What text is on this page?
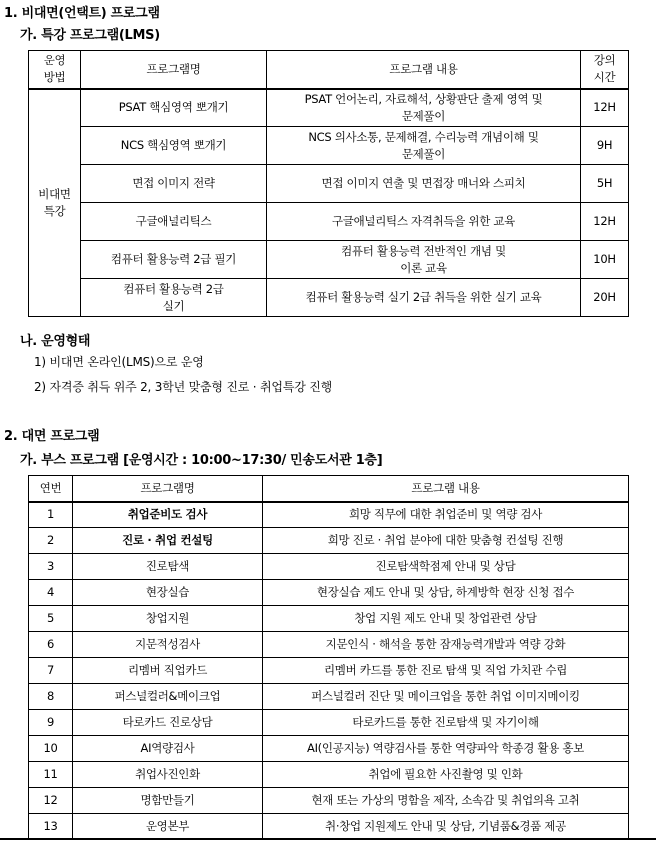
1. 비대면(언택트) 프로그램
가. 특강 프로그램(LMS)
운영
방법	프로그램명	프로그램 내용	강의
시간
비대면
특강	PSAT 핵심영역 뽀개기	PSAT 언어논리, 자료해석, 상황판단 출제 영역 및
문제풀이	12H
	NCS 핵심영역 뽀개기	NCS 의사소통, 문제해결, 수리능력 개념이해 및
문제풀이	9H
	면접 이미지 전략	면접 이미지 연출 및 면접장 매너와 스피치	5H
	구글애널리틱스	구글애널리틱스 자격취득을 위한 교육	12H
	컴퓨터 활용능력 2급 필기	컴퓨터 활용능력 전반적인 개념 및
이론 교육	10H
	컴퓨터 활용능력 2급
실기	컴퓨터 활용능력 실기 2급 취득을 위한 실기 교육	20H
나. 운영형태
1) 비대면 온라인(LMS)으로 운영
2) 자격증 취득 위주 2, 3학년 맞춤형 진로 · 취업특강 진행
2. 대면 프로그램
가. 부스 프로그램 [운영시간 : 10:00~17:30/ 민송도서관 1층]
연번	프로그램명	프로그램 내용
1	취업준비도 검사	희망 직무에 대한 취업준비 및 역량 검사
2	진로 · 취업 컨설팅	희망 진로 · 취업 분야에 대한 맞춤형 컨설팅 진행
3	진로탐색	진로탐색학점제 안내 및 상담
4	현장실습	현장실습 제도 안내 및 상담, 하계방학 현장 신청 접수
5	창업지원	창업 지원 제도 안내 및 창업관련 상담
6	지문적성검사	지문인식 · 해석을 통한 잠재능력개발과 역량 강화
7	리멤버 직업카드	리멤버 카드를 통한 진로 탐색 및 직업 가치관 수립
8	퍼스널컬러&메이크업	퍼스널컬러 진단 및 메이크업을 통한 취업 이미지메이킹
9	타로카드 진로상담	타로카드를 통한 진로탐색 및 자기이해
10	AI역량검사	AI(인공지능) 역량검사를 통한 역량파악 학종경 활용 홍보
11	취업사진인화	취업에 필요한 사진촬영 및 인화
12	명함만들기	현재 또는 가상의 명함을 제작, 소속감 및 취업의욕 고취
13	운영본부	취·창업 지원제도 안내 및 상담, 기념품&경품 제공
